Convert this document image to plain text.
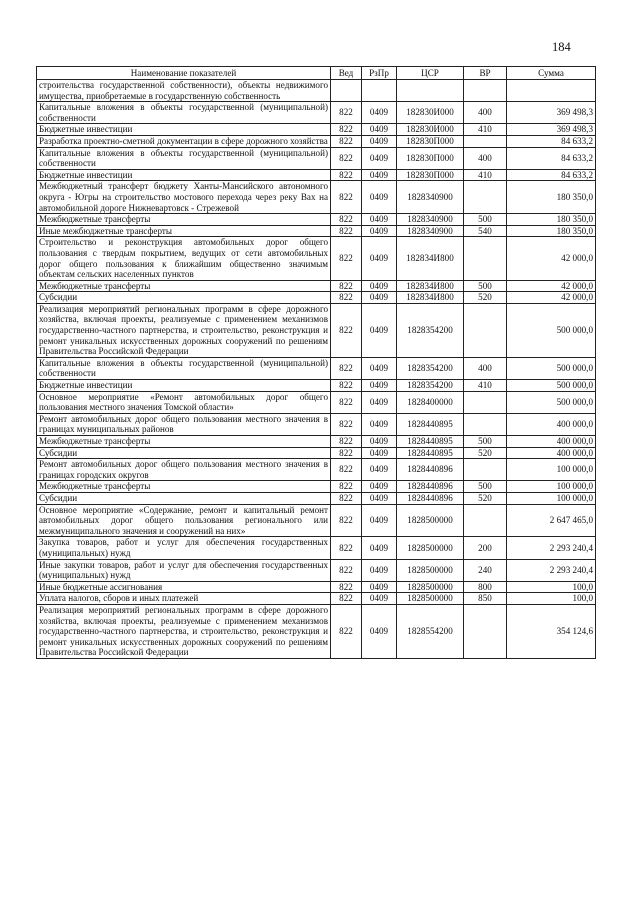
184
Наименование показателей	Вед	РзПр	ЦСР	ВР	Сумма
строительства государственной собственности), объекты недвижимого имущества, приобретаемые в государственную собственность					
Капитальные вложения в объекты государственной (муниципальной) собственности	822	0409	182830И000	400	369 498,3
Бюджетные инвестиции	822	0409	182830И000	410	369 498,3
Разработка проектно-сметной документации в сфере дорожного хозяйства	822	0409	182830П000		84 633,2
Капитальные вложения в объекты государственной (муниципальной) собственности	822	0409	182830П000	400	84 633,2
Бюджетные инвестиции	822	0409	182830П000	410	84 633,2
Межбюджетный трансферт бюджету Ханты-Мансийского автономного округа - Югры на строительство мостового перехода через реку Вах на автомобильной дороге Нижневартовск - Стрежевой	822	0409	1828340900		180 350,0
Межбюджетные трансферты	822	0409	1828340900	500	180 350,0
Иные межбюджетные трансферты	822	0409	1828340900	540	180 350,0
Строительство и реконструкция автомобильных дорог общего пользования с твердым покрытием, ведущих от сети автомобильных дорог общего пользования к ближайшим общественно значимым объектам сельских населенных пунктов	822	0409	182834И800		42 000,0
Межбюджетные трансферты	822	0409	182834И800	500	42 000,0
Субсидии	822	0409	182834И800	520	42 000,0
Реализация мероприятий региональных программ в сфере дорожного хозяйства, включая проекты, реализуемые с применением механизмов государственно-частного партнерства, и строительство, реконструкция и ремонт уникальных искусственных дорожных сооружений по решениям Правительства Российской Федерации	822	0409	1828354200		500 000,0
Капитальные вложения в объекты государственной (муниципальной) собственности	822	0409	1828354200	400	500 000,0
Бюджетные инвестиции	822	0409	1828354200	410	500 000,0
Основное мероприятие «Ремонт автомобильных дорог общего пользования местного значения Томской области»	822	0409	1828400000		500 000,0
Ремонт автомобильных дорог общего пользования местного значения в границах муниципальных районов	822	0409	1828440895		400 000,0
Межбюджетные трансферты	822	0409	1828440895	500	400 000,0
Субсидии	822	0409	1828440895	520	400 000,0
Ремонт автомобильных дорог общего пользования местного значения в границах городских округов	822	0409	1828440896		100 000,0
Межбюджетные трансферты	822	0409	1828440896	500	100 000,0
Субсидии	822	0409	1828440896	520	100 000,0
Основное мероприятие «Содержание, ремонт и капитальный ремонт автомобильных дорог общего пользования регионального или межмуниципального значения и сооружений на них»	822	0409	1828500000		2 647 465,0
Закупка товаров, работ и услуг для обеспечения государственных (муниципальных) нужд	822	0409	1828500000	200	2 293 240,4
Иные закупки товаров, работ и услуг для обеспечения государственных (муниципальных) нужд	822	0409	1828500000	240	2 293 240,4
Иные бюджетные ассигнования	822	0409	1828500000	800	100,0
Уплата налогов, сборов и иных платежей	822	0409	1828500000	850	100,0
Реализация мероприятий региональных программ в сфере дорожного хозяйства, включая проекты, реализуемые с применением механизмов государственно-частного партнерства, и строительство, реконструкция и ремонт уникальных искусственных дорожных сооружений по решениям Правительства Российской Федерации	822	0409	1828554200		354 124,6
